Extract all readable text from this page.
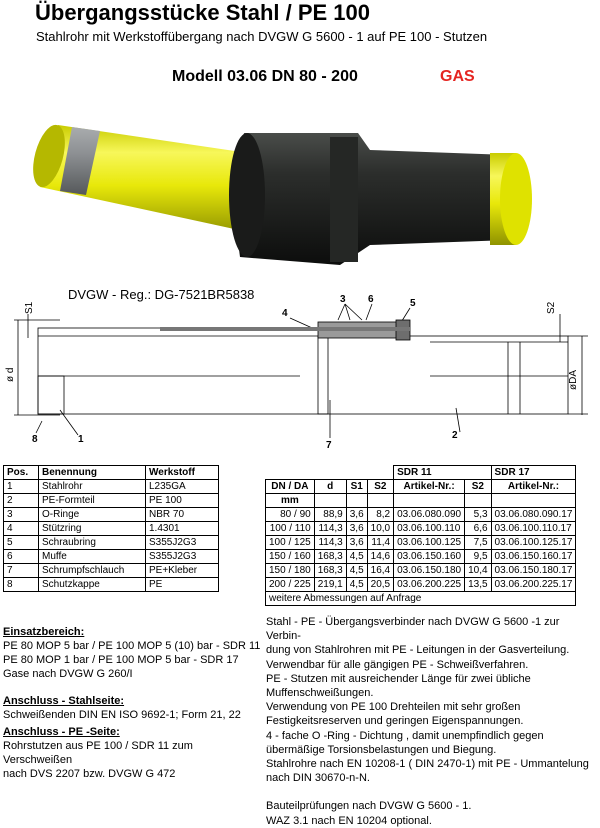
Übergangsstücke Stahl / PE 100
Stahlrohr mit Werkstoffübergang nach DVGW G 5600 - 1 auf PE 100 - Stutzen
Modell 03.06 DN 80 - 200	GAS
DVGW - Reg.: DG-7521BR5838
S1	S2
ø d	øDA
1	2
3
4
5
6
7
8
Pos.	Benennung	Werkstoff
1	Stahlrohr	L235GA
2	PE-Formteil	PE 100
3	O-Ringe	NBR 70
4	Stützring	1.4301
5	Schraubring	S355J2G3
6	Muffe	S355J2G3
7	Schrumpfschlauch	PE+Kleber
8	Schutzkappe	PE
				SDR 11		SDR 17
DN / DA	d	S1	S2	Artikel-Nr.:	S2	Artikel-Nr.:
mm						
80 / 90	88,9	3,6	8,2	03.06.080.090	5,3	03.06.080.090.17
100 / 110	114,3	3,6	10,0	03.06.100.110	6,6	03.06.100.110.17
100 / 125	114,3	3,6	11,4	03.06.100.125	7,5	03.06.100.125.17
150 / 160	168,3	4,5	14,6	03.06.150.160	9,5	03.06.150.160.17
150 / 180	168,3	4,5	16,4	03.06.150.180	10,4	03.06.150.180.17
200 / 225	219,1	4,5	20,5	03.06.200.225	13,5	03.06.200.225.17
weitere Abmessungen auf Anfrage						
Einsatzbereich:
PE 80 MOP 5 bar / PE 100 MOP 5 (10) bar - SDR 11
PE 80 MOP 1 bar / PE 100 MOP 5 bar - SDR 17
Gase nach DVGW G 260/I
Anschluss - Stahlseite:
Schweißenden DIN EN ISO 9692-1; Form 21, 22
Anschluss - PE -Seite:
Rohrstutzen aus PE 100 / SDR 11 zum Verschweißen
nach DVS 2207 bzw. DVGW G 472
Stahl - PE - Übergangsverbinder nach DVGW G 5600 -1 zur Verbin-
dung von Stahlrohren mit PE - Leitungen in der Gasverteilung.
Verwendbar für alle gängigen PE - Schweißverfahren.
PE - Stutzen mit ausreichender Länge für zwei übliche
Muffenschweißungen.
Verwendung von PE 100 Drehteilen mit sehr großen
Festigkeitsreserven und geringen Eigenspannungen.
4 - fache O -Ring - Dichtung , damit unempfindlich gegen
übermäßige Torsionsbelastungen und Biegung.
Stahlrohre nach EN 10208-1 ( DIN 2470-1) mit PE - Ummantelung
nach DIN 30670-n-N.
Bauteilprüfungen nach DVGW G 5600 - 1.
WAZ 3.1 nach EN 10204 optional.
